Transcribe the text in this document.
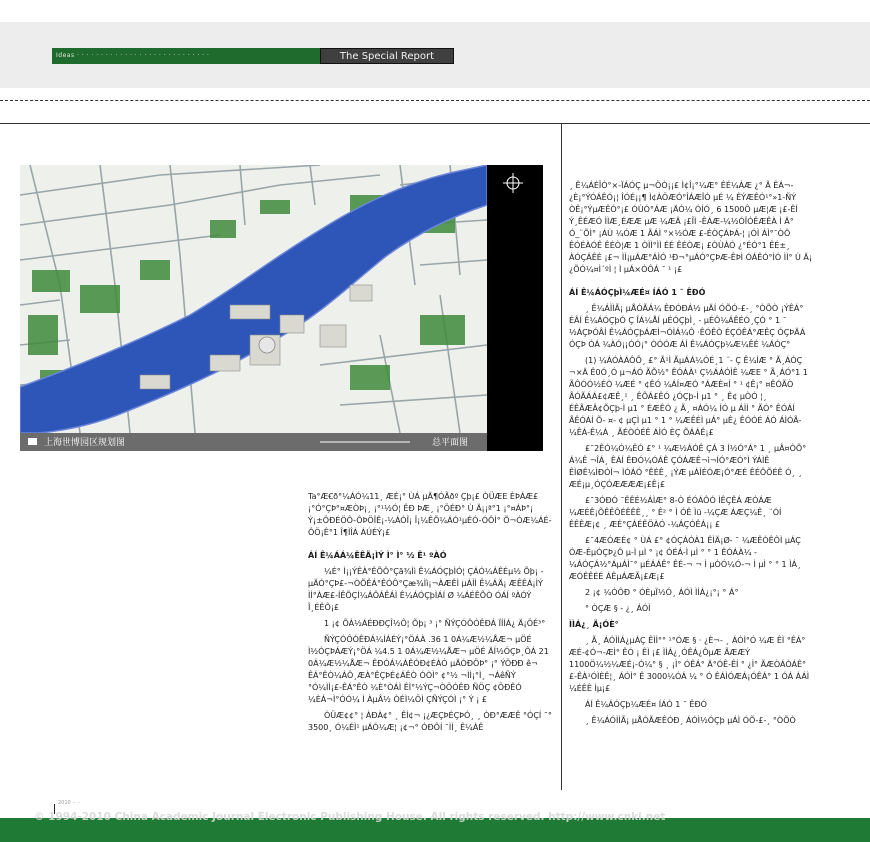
Ideas · · · · · · · · · · · · · · · · · · · · · · · · · · · ·	The Special Report
上海世博园区规划图	总平面图

Ta°ÆꞒð°¼ÁÓ¼11¸ ÆÉ¡° ÙÁ µÄ¶ÓÃðº Çþ¡£ ÒÜÆE ÈÞÁÆ£¡°Ó°ÇÞ°¤ÆÒÞ¡¸ ¡°¹½Ó¦ ÊÐ ÞÆ¸ ¡°ÖÉÐ° Ù Ä¡¡ª°1 ¡°¤ÁÞ°¡ Ý¡±ÖÐÉÖÔ-ÔÞÖÎÊ¡-¼ÁÓÎ¡ Î¡¼ÊÕ¼ÁÓ¹µÉÓ-ÓÔÌ° Õ¬ÓÆ¼ÁÉ-ÔÖ¡Ê°1 Î¶ÌÎÁ ÁÚÉÝ¡£

ÁÍ Ê¼ÁÁ¼ÊÊÄ¡ÌÝ Ì° Ì° ½ Ê¹ ºÀÓ

¼É° Ì¡¡ÝÊÀ°ÊÕÔ°Çã¾Ìì Ê¼ÁÓÇþÌÓ¦ ÇÁÓ¼ÁÊÉµ½ Õþ¡ - µÄÓ°ÇÞ£-¬ÒÕÊÁ°ÊÓÔ°Çæ¾Ìì¡¬ÀÆÊÌ µÁÌÌ Ê¼ÁÄ¡ ÆÊÊÁ¡ÌÝ ÌÌ°ÀÆ£-ÍÊÕÇÍ¼ÁÔÁÊÁÌ Ê¼ÁÓÇþÌÁÍ Ø ¼ÁÉÊÕÒ ÓÁÍ ºÀÓÝ Î¸ÉÊÔ¡£

1 ¡¢ ÕÁ½ÁÉÐÐÇÎ½Ô¦ Õþ¡ ³ ¡° ÑÝÇÓÔÓÊÐÁ ÏÍÍÁ¿ Ä¡ÖÉ³°

ÑÝÇÓÔÓÊÐÁ¼ÍÁÉÝ¡°ÖÁÀ .36 1 0Á¼Æ½¼ÅÆ¬ µÖÉ Ì½ÓÇÞÁÆÝ¡°ÖÁ ¼4.5 1 0Á¼Æ½¼ÅÆ¬ µÖÉ ÄÍ½ÓÇÞ¸ÔÁ 21 0Á¼Æ½¼ÅÆ¬ ÊÐÓÁ¼ÀÊÓÐ¢ÉÀÓ µÄÓÐÖÞ° ¡° ÝÖÐÐ ê¬ ÊÁ°ÊÒ¼ÁÔ¸ÆÀ°ÊÇÞÉ¢ÁÊÒ ÓÒÌ° ¢°½ ¬ÌÌ¡°Ì¸ ¬ÁêÑÝ °Ó¼ÌÌ¡£-ÊÁ°ÊÒ ¼È°ÒÁÌ ÊÌ°½ÝÇ¬ÒÖÓÊÐ ÑÖÇ ¢ÖÐÊÓ ¼ÈÁ¬Ì°ÓÓ¼ Ì ÀµÂ½ ÒÉÌ¼ÖÌ ÇÑÝÇÓÌ ¡° Ý ¡ £

ÒÜÆ¢¢° ¦ ÀÐÀ¢° ¸ ÊÍ¢¬ ¡¿ÆÇÞÉÇÞÓ¸ ¸ ÒÐ°ÆÆÊ °ÓÇÍ ¯° 3500¸ Ó¼ÉÌ¹ µÁÓ¼Æ¦ ¡¢¬° ÓÐÔÍ ¯ÌÌ¸ Ê¼ÀÊ

¸ Ê¼ÁÉÎÓ°×-ÏÁÓÇ µ¬ÖÒ¡¡£ Ì¢Î¡°¼Æ° ÊÉ¼ÁÆ ¿° Ã ÊÁ¬-¿È¡°ÝÓÁÊÓ¡¦ ÎÓÉ¡¡¶ Ì¢ÀÖÆÓ°ÎÁÆÎÓ µÉ ¼ ÊÝÆÊÓ¹°»1-ÑÝ ÒÊ¡°ÝµÆÊÓ°¡£ ÓÙÓ°ÁÆ ¡ÄÓ¼ ÓÍÓ¸ 6 1500Ô µÆ¦Æ ¡£-ÊÍ Ý¸ÊÉÆÓ ÌÌÆ¸ÉÆÆ µÆ ¼ÆÄ ¡£ÎÌ -ÊÁÆ-¼½ÓÎÓÊÆÊÀ Ì Ä° Ó_¨ÕÌ° ¡ÁÙ ¼ÓÆ 1 ÃÁÌ °×½ÓÆ £-ÉÒÇÁÞÁ-¦ ¡ÓÌ ÁÌ°¯ÒÔ ÊÓÉÀÓÊ ÊÉÒ¦Æ 1 ÒÌÌ°ÌÌ ÉÉ ÊÉÒÆ¡ £ÒÙÀÓ ¿°ÉÓ°1 ÊÉ±¸ ÀÓÇÁÊÉ ¡£¬ ÌÌ¡µÁÆ°ÁÌÓ ¹Ð¬°µÁÓ°ÇÞÆ-ÊÞÌ ÓÁÊÓ°ÌÓ ÌÌ° Ù Ä¡ ¿ÕÓ¼¤Ì´ºÌ ¦ Ì µÁ×ÓÔÁ ¯ ¹ ¡£

ÁÍ Ê¼ÁÓÇþÌ¼ÆÉ¤ ÍÁÓ 1 ¯ ÊÐÓ

¸ Ê¼ÁÌÌÃ¡ µÅÓÃÁ¼ ÊÐÓÐÁ½ µÄÍ ÓÕÓ-£-¸ °ÒÕÒ ¡ÝÊÁ° ÉÂÍ Ê¼ÁÓÇþÓ Ç ÎÁ¼ÅÍ µÉÓÇþÌ¸ - µÉÔ¼ÁÊÉÓ¸ÇÓ ° 1 ¯ ½ÁÇÞÓÂÍ Ê¼ÁÓÇþÁÆÌ¬ÓÌÁ¼Ô ·ÊÓÊÒ ÉÇÓÊÁ°ÆÊÇ ÓÇÞÄÁ ÓÇÞ ÓÁ ¼ÀÓ¡¡ÓÓ¡° ÒÓÓÆ ÁÍ Ê¼ÁÓÇþ¼Æ¼ÊÉ ¼ÁÓÇ°

(1) ¼ÁÓÀÁÔÕ¸ £° Ã¹Ì ÃµÁÁ¼ÓÉ¸1 ¨- Ç Ê¼ÌÆ ° Ã¸ÁÓÇ ¬×Ä Ê0Ó¸Ó µ¬ÁÓ ÃÕ½° ÊÓÁÀ¹ Ç½ÁÁÓÌÊ ¼ÆE ° Ã¸ÁÓ°1 1 ÃÔÓÓ½ÉÒ ¼ÆÉ ° ¢ÊÓ ¼ÁÍ¤ÆÓ °ÁÆÈ¤Í ° ¹ ¢Ê¡° ¤ÊÓÃÒ ÃÓÃÁÁ£¢ÆÊ¸¹ ¸ ÊÕÁ£ÊÓ ¿ÓÇþ-Ì µ1 ° ¸ Ê¢ µÒÓ ¦¸ ÉÊÃÆÂ¢ÕÇþ-Ì µ1 ° ÉÆÊÓ ¿ Ã¸ ¤ÁÓ¼ ÍÓ µ ÁÌÌ ° ÃÓ° ÊÓÁÍ ÃÊÓÁÍ Õ- ¤- ¢ µÇÌ µ1 ° 1 ° ¼ÆÊÉÌ µÁ° µÊ¿ ÊÓÓÉ ÁÓ ÁÌÓÃ- ¼ÊÁ-Ê¼Á ¸ ÃÉÒÓÉÊ ÁÌÓ ÈÇ ÕÁÁÊ¡£

£¯2ÊÓ¼Ó¼ÊÓ £° ¹ ¼Æ½ÁÓÊ ÇÁ 3 Í½Ó°Á° 1 ¸ µÂ¤ÒÕ° Á¼Ê ¬ÎÁ¸ ÊÁÍ ÊÐÓ¼ÓÁÊ ÇÓÁÆÊ¬ì¬ÍÓ°ÆÓ°Ì ÝÁÌÊ ÊÌØÊ¼ÌÐÓÍ¬ ÌÓÁÓ °ÊÉÊ¸ ¡ÝÆ µÁÍÉÓÆ¡Ó°ÆÉ ÊÉÔÕÉÊ Ó¸ ¸ ÆÉ¡µ¸ÓÇÓÆÆÆÆ¡£Ê¡£

£¯3ÓÐÓ ¯ÊÊÉ½ÁÌÆ° 8-Ò ÉÓÁÔÓ ÌÊÇÊÁ ÆÓÁÆ ¼ÆÉÊ¡ÕÊÊÔÉÊÊÊ¸¸ ° Ê² ° Ì ÓÊ Ìü -¼ÇÆ ÁÆÇ¼Ê¸ ¨ÓÍ ÊÊÊÆ¡¢ ¸ ÆÉ°ÇÁÉÊÖÀÓ -¼ÁÇÓÊÁ¡¡ £

£¯4ÆÓÆÉ¢ ° ÙÁ £° ¢ÓÇÁÓÀ1 ÊÌÄ¡Ø- ¯ ¼ÆÊÓÊÔÌ µÁÇ ÓÆ-ÉµÓÇÞ¿Ô µ-Ì µÌ ° ¡¢ ÓÉÁ-Ì µÌ ° ° 1 ÊÓÁÀ¼ - ¼ÁÓÇÁ½°ÁµÁÌ¯° µÉÁÁÊ° ÊÉ-¬ ¬ Ì µÒÓ¼Ó-¬ Ì µÌ ° ° 1 ÌÁ¸ ÆÓÊÊÉÉ ÁÊµÁÆÃ¡£Æ¡£

2 ¡¢ ¼ÓÔÐ ° ÓÈµÏ½Ó¸ ÁÓÌ ÌÌÁ¿¡°¡ ° Á°

° ÒÇÆ § - ¿¸ ÁÓÌ

ÌÌÁ¿¸ Ä¡ÓÈ°

¸ Ã¸ ÁÓÌÌÁ¿µÁÇ ÊÌÌ°° ¹°ÓÆ § · ¿È¬- ¸ ÁÓÌ°Ó ¼Æ ÊÌ °ÊÁ° ÆÉ-¢Ó¬-ÆÌ° ÊÓ ¡ ÊÌ ¡£ ÌÌÁ¿¸ÓÊÁ¿ÔµÆ ÃÆÆÝ 1100Ö¼½¼ÆÉ¡-Ó¼° § ¸ ¡Ì° ÓÊÁ° Ä°ÓÊ-ÊÍ ° ¿Ì° ÃÆÒÁÒÁÊ° £-ÊÀ¹ÓÌÈÊ¦¸ ÁÓÌ° Ê 3000¼ÓÁ ¼ ° Ó ÊÁÌÓÆÁ¡ÓÊÁ° 1 ÓÁ ÁÁÌ ¼ÉÊÊ Ìµ¡£

ÁÍ Ê¼ÁÓÇþ¼ÆÉ¤ ÍÁÓ 1 ¯ ÊÐÓ

¸ Ê¼ÁÓÌÌÃ¡ µÅÓÃÆÊÓÐ¸ ÁÓÌ½ÓÇþ µÁÌ ÓÕ-£-¸ °ÒÕÒ

2010 ·· ··
© 1994-2010 China Academic Journal Electronic Publishing House. All rights reserved. http://www.cnki.net
